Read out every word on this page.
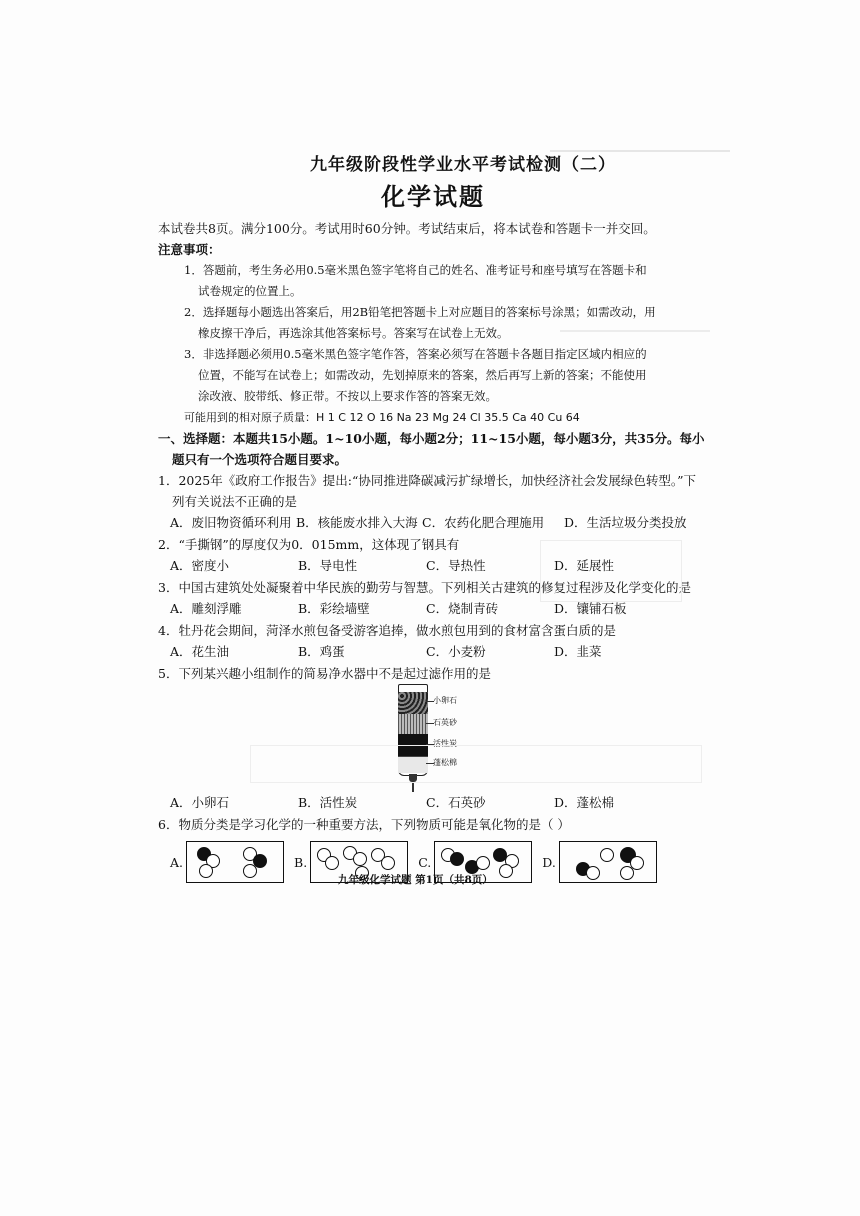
九年级阶段性学业水平考试检测（二）
化学试题
本试卷共8页。满分100分。考试用时60分钟。考试结束后，将本试卷和答题卡一并交回。
注意事项：
1．答题前，考生务必用0.5毫米黑色签字笔将自己的姓名、准考证号和座号填写在答题卡和
试卷规定的位置上。
2．选择题每小题选出答案后，用2B铅笔把答题卡上对应题目的答案标号涂黑；如需改动，用
橡皮擦干净后，再选涂其他答案标号。答案写在试卷上无效。
3．非选择题必须用0.5毫米黑色签字笔作答，答案必须写在答题卡各题目指定区域内相应的
位置，不能写在试卷上；如需改动，先划掉原来的答案，然后再写上新的答案；不能使用
涂改液、胶带纸、修正带。不按以上要求作答的答案无效。
可能用到的相对原子质量：H 1 C 12 O 16 Na 23 Mg 24 Cl 35.5 Ca 40 Cu 64
一、选择题：本题共15小题。1~10小题，每小题2分；11~15小题，每小题3分，共35分。每小
题只有一个选项符合题目要求。
1．2025年《政府工作报告》提出:“协同推进降碳减污扩绿增长，加快经济社会发展绿色转型。”下
列有关说法不正确的是
A．废旧物资循环利用 B．核能废水排入大海 C．农药化肥合理施用	D．生活垃圾分类投放
2．“手撕钢”的厚度仅为0．015mm，这体现了钢具有
A．密度小	B．导电性	C．导热性	D．延展性
3．中国古建筑处处凝聚着中华民族的勤劳与智慧。下列相关古建筑的修复过程涉及化学变化的是
A．雕刻浮雕	B．彩绘墙壁	C．烧制青砖	D．镶铺石板
4．牡丹花会期间，菏泽水煎包备受游客追捧，做水煎包用到的食材富含蛋白质的是
A．花生油	B．鸡蛋	C．小麦粉	D．韭菜
5．下列某兴趣小组制作的简易净水器中不是起过滤作用的是
小卵石
石英砂
活性炭
蓬松棉
A．小卵石	B．活性炭	C．石英砂	D．蓬松棉
6．物质分类是学习化学的一种重要方法，下列物质可能是氧化物的是（ ）
A.	B.	C.	D.
九年级化学试题 第1页（共8页）
